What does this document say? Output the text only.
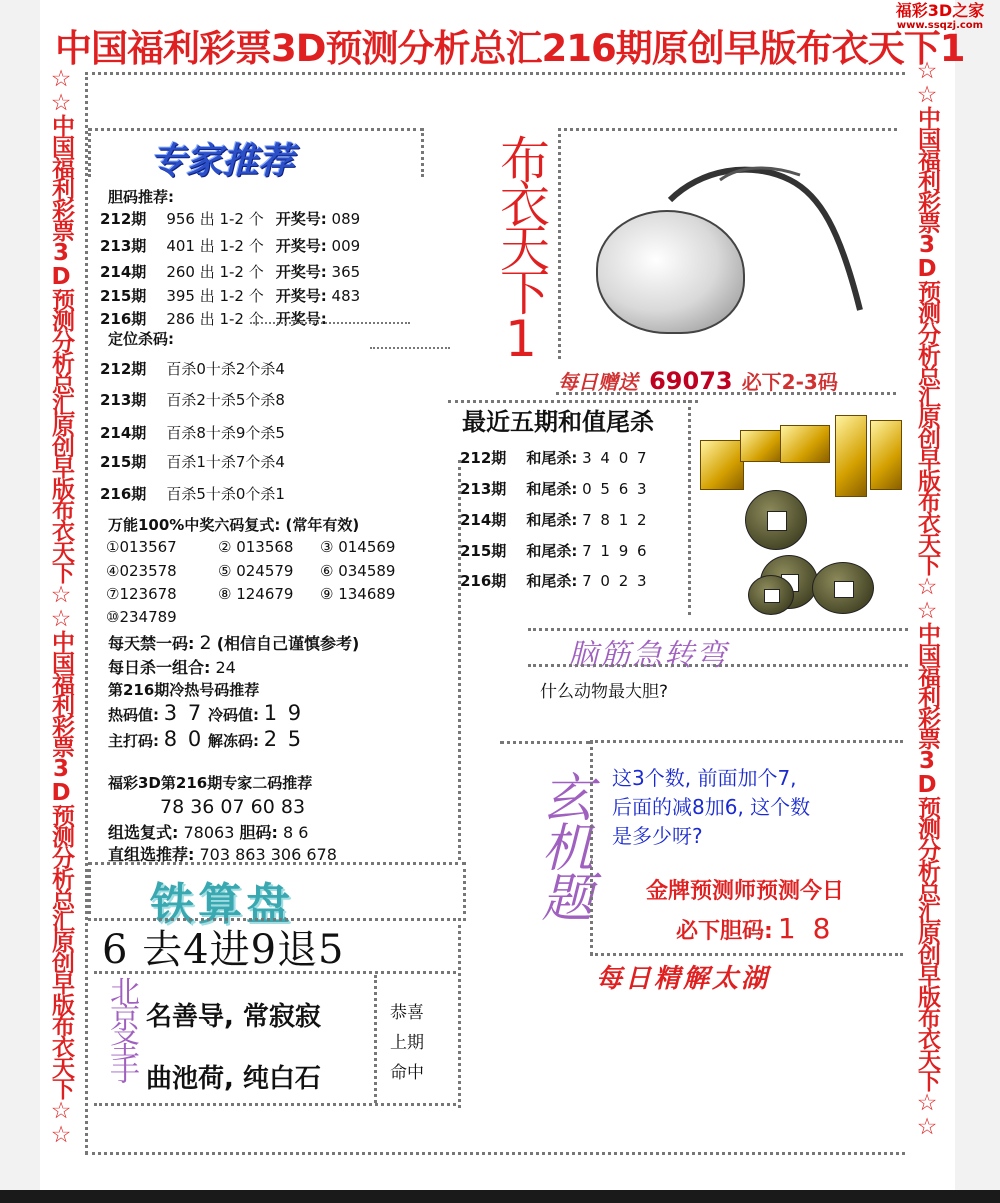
中国福利彩票3D预测分析总汇216期原创早版布衣天下1
福彩3D之家
www.ssqzj.com
☆☆中国福利彩票3D预测分析总汇原创早版布衣天下☆☆中国福利彩票3D预测分析总汇原创早版布衣天下☆☆	☆☆中国福利彩票3D预测分析总汇原创早版布衣天下☆☆中国福利彩票3D预测分析总汇原创早版布衣天下☆☆
专家推荐
胆码推荐:
212期 956 出 1-2 个 开奖号: 089
213期 401 出 1-2 个 开奖号: 009
214期 260 出 1-2 个 开奖号: 365
215期 395 出 1-2 个 开奖号: 483
216期 286 出 1-2 个 开奖号:
定位杀码:
212期 百杀0十杀2个杀4
213期 百杀2十杀5个杀8
214期 百杀8十杀9个杀5
215期 百杀1十杀7个杀4
216期 百杀5十杀0个杀1
万能100%中奖六码复式: (常年有效)
①013567	② 013568 ③ 014569
④023578	⑤ 024579 ⑥ 034589
⑦123678	⑧ 124679 ⑨ 134689
⑩234789
每天禁一码: 2 (相信自己谨慎参考)
每日杀一组合: 24
第216期冷热号码推荐
热码值: 3 7 冷码值: 1 9
主打码: 8 0 解冻码: 2 5
福彩3D第216期专家二码推荐
78 36 07 60 83
组选复式: 78063 胆码: 8 6
直组选推荐: 703 863 306 678
布衣天下1
每日赠送 69073 必下2-3码
最近五期和值尾杀
212期 和尾杀: 3 4 0 7
213期 和尾杀: 0 5 6 3
214期 和尾杀: 7 8 1 2
215期 和尾杀: 7 1 9 6
216期 和尾杀: 7 0 2 3
脑筋急转弯
什么动物最大胆?
玄机题 这3个数, 前面加个7,
后面的减8加6, 这个数
是多少呀?
金牌预测师预测今日
必下胆码: 1 8
每日精解太湖
铁算盘
6 去4进9退5
北京圣手 名善导, 常寂寂
曲池荷, 纯白石
恭喜
上期
命中
